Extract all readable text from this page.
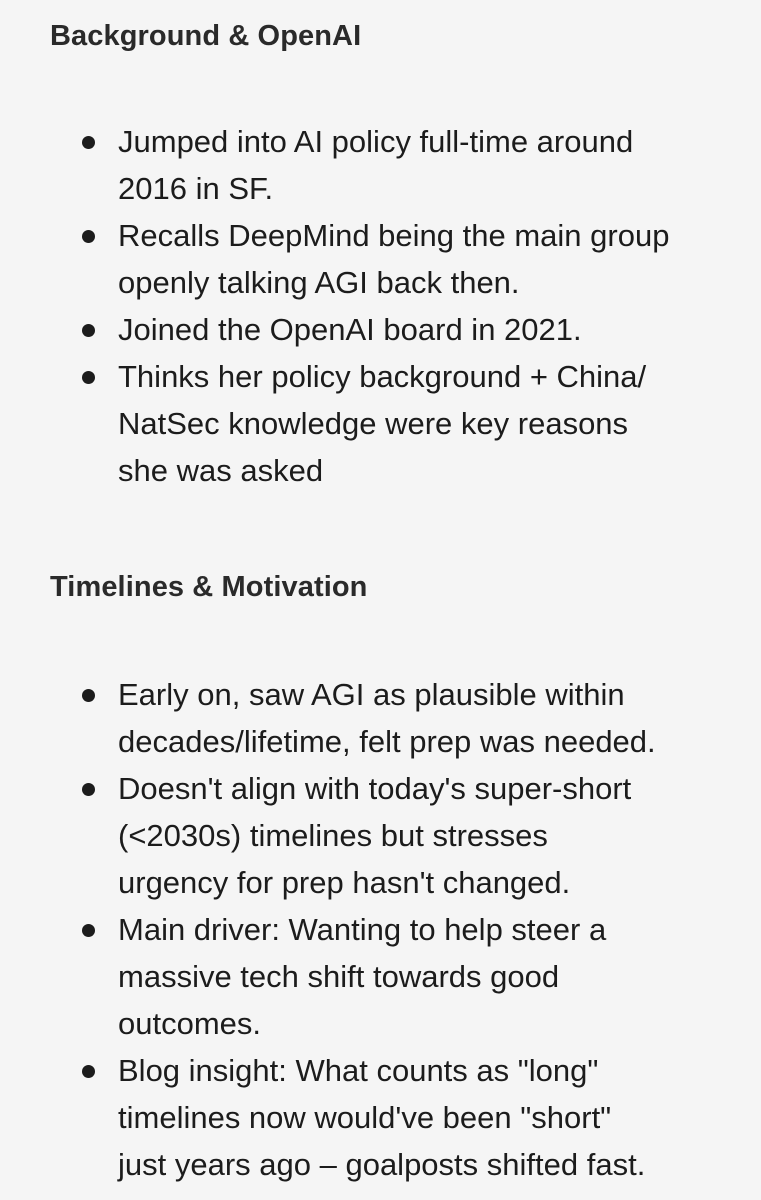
Background & OpenAI
Jumped into AI policy full-time around
2016 in SF.
Recalls DeepMind being the main group
openly talking AGI back then.
Joined the OpenAI board in 2021.
Thinks her policy background + China/
NatSec knowledge were key reasons
she was asked
Timelines & Motivation
Early on, saw AGI as plausible within
decades/lifetime, felt prep was needed.
Doesn't align with today's super-short
(<2030s) timelines but stresses
urgency for prep hasn't changed.
Main driver: Wanting to help steer a
massive tech shift towards good
outcomes.
Blog insight: What counts as "long"
timelines now would've been "short"
just years ago – goalposts shifted fast.
